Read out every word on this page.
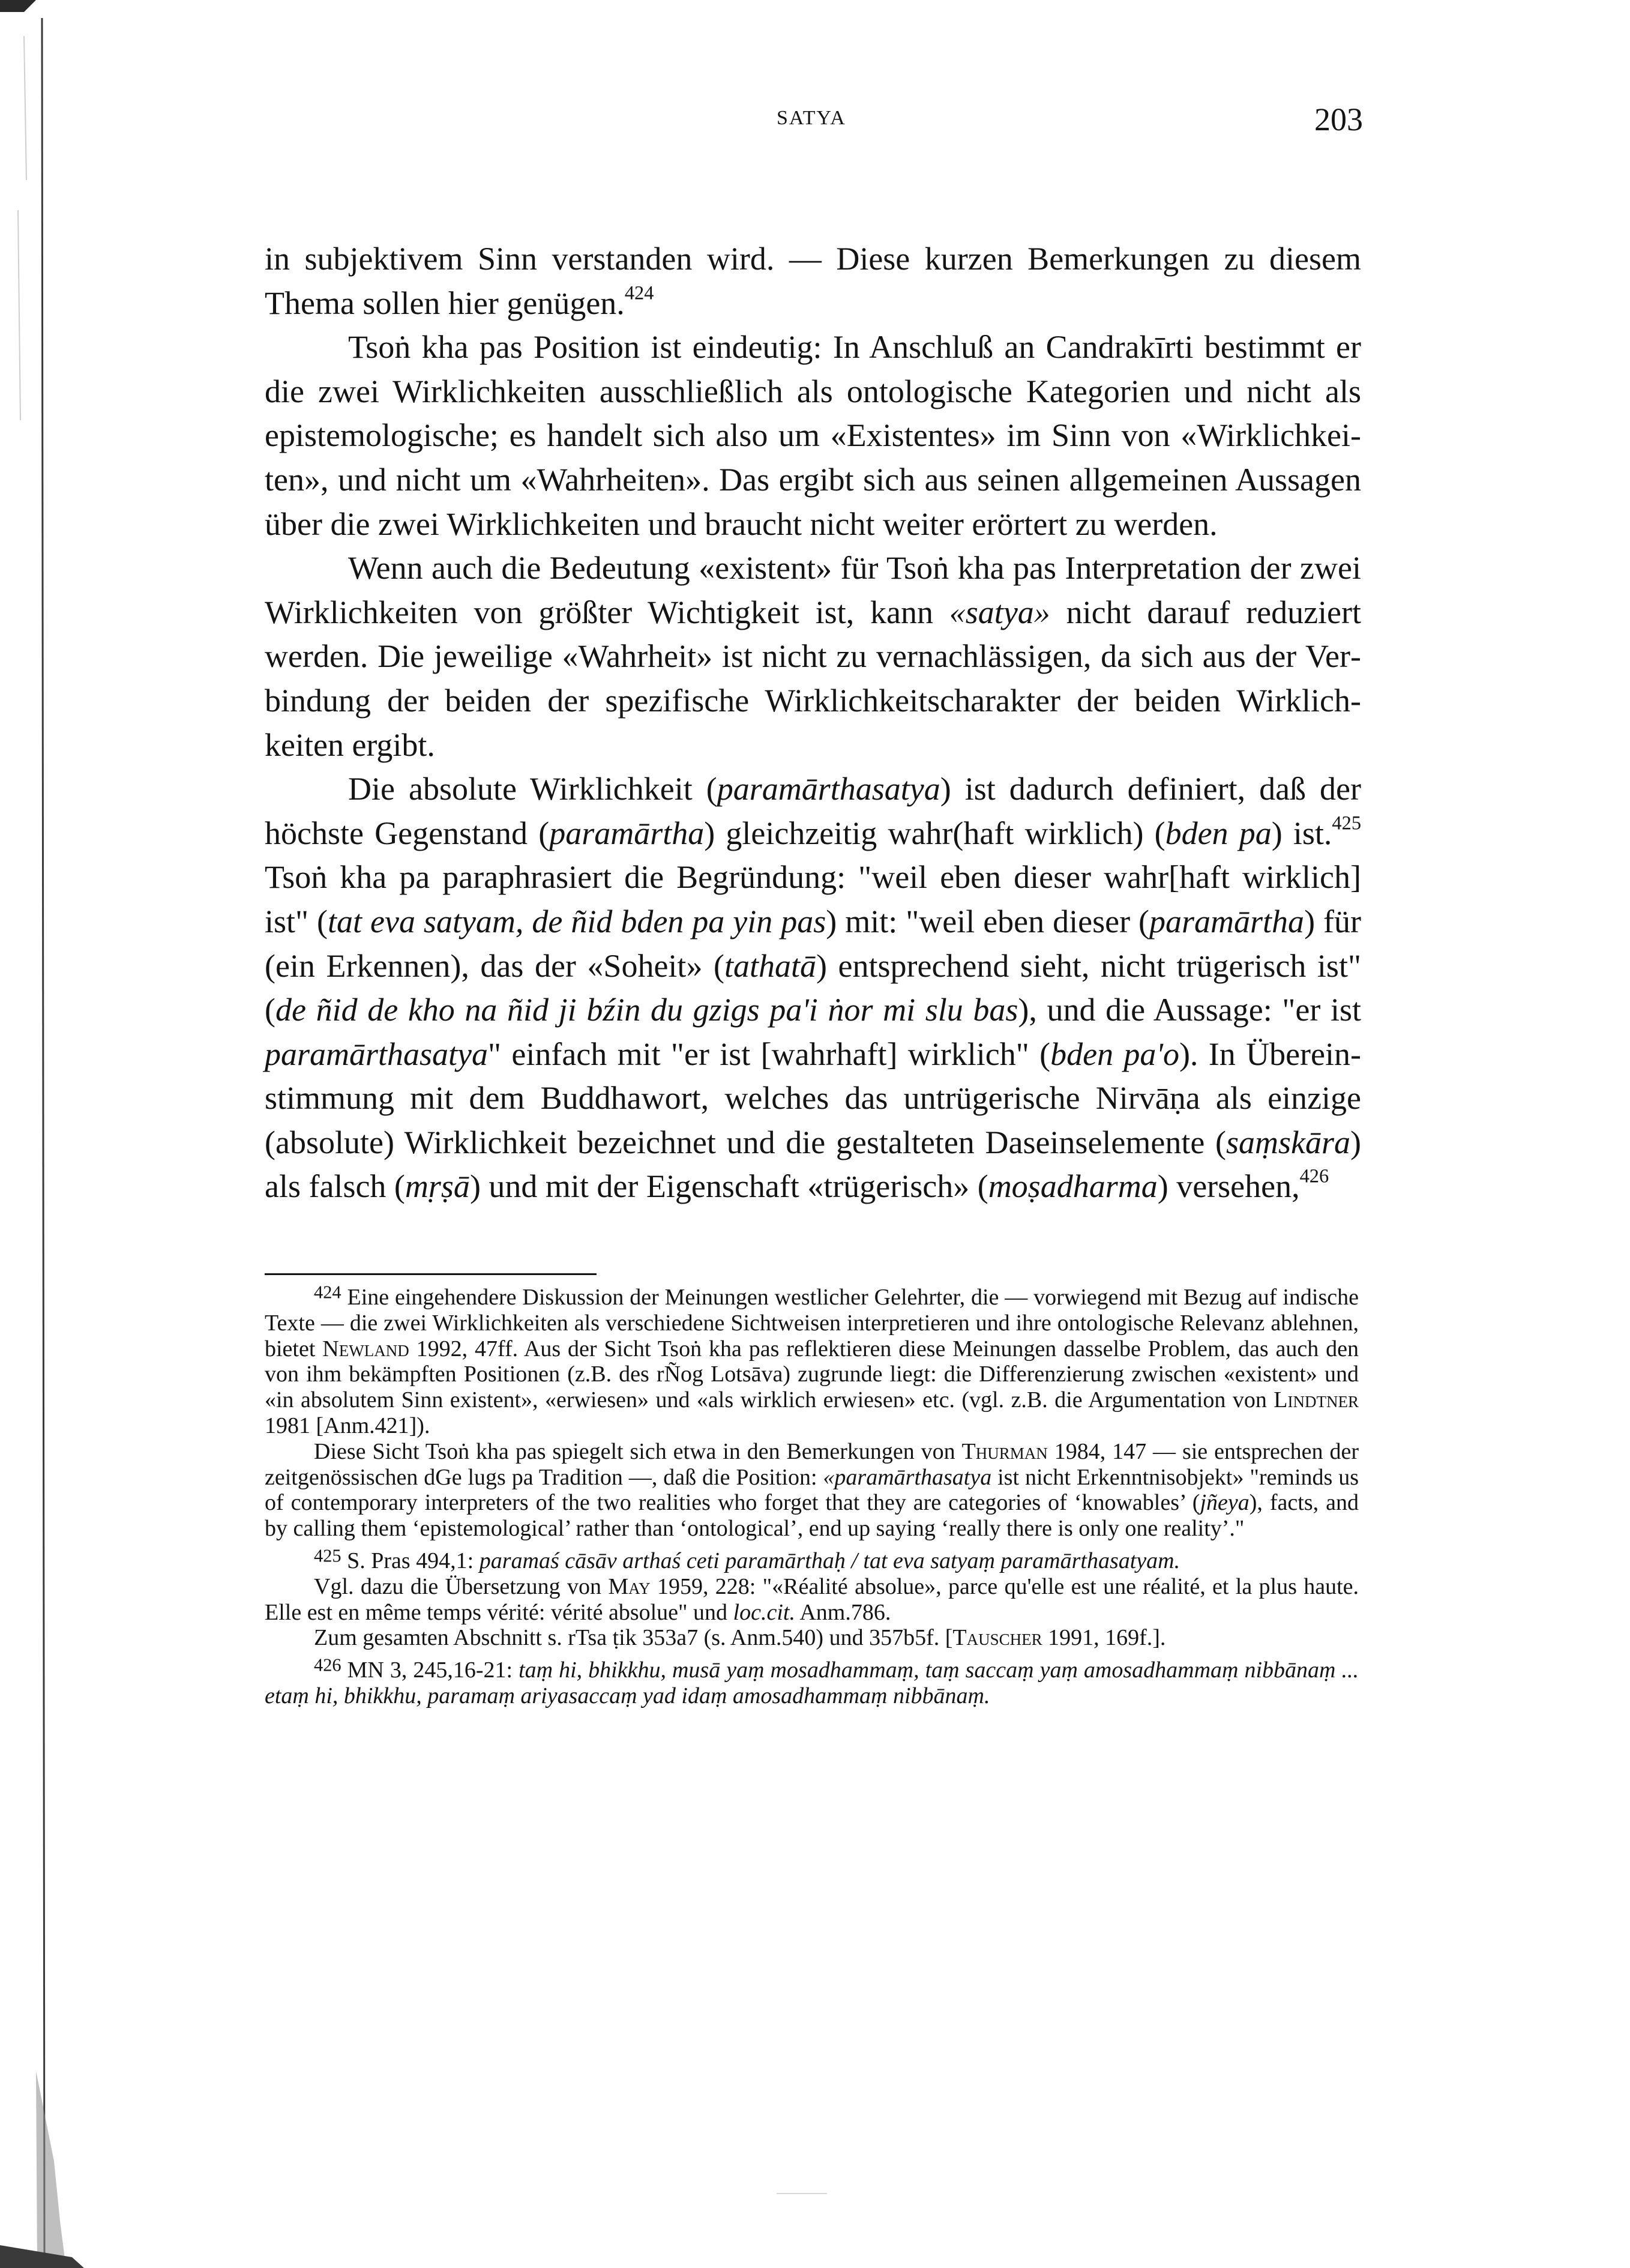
SATYA	203

in subjektivem Sinn verstanden wird. — Diese kurzen Bemerkungen zu diesem Thema sollen hier genügen.$^{424}$

Tsoṅ kha pas Position ist eindeutig: In Anschluß an Candrakīrti bestimmt er die zwei Wirklichkeiten ausschließlich als ontologische Kategorien und nicht als epistemologische; es handelt sich also um «Existentes» im Sinn von «Wirklichkeiten», und nicht um «Wahrheiten». Das ergibt sich aus seinen allgemeinen Aussagen über die zwei Wirklichkeiten und braucht nicht weiter erörtert zu werden.

Wenn auch die Bedeutung «existent» für Tsoṅ kha pas Interpretation der zwei Wirklichkeiten von größter Wichtigkeit ist, kann «satya» nicht darauf reduziert werden. Die jeweilige «Wahrheit» ist nicht zu vernachlässigen, da sich aus der Verbindung der beiden der spezifische Wirklichkeitscharakter der beiden Wirklichkeiten ergibt.

Die absolute Wirklichkeit (paramārthasatya) ist dadurch definiert, daß der höchste Gegenstand (paramārtha) gleichzeitig wahr(haft wirklich) (bden pa) ist.$^{425}$ Tsoṅ kha pa paraphrasiert die Begründung: "weil eben dieser wahr[haft wirklich] ist" (tat eva satyam, de ñid bden pa yin pas) mit: "weil eben dieser (paramārtha) für (ein Erkennen), das der «Soheit» (tathatā) entsprechend sieht, nicht trügerisch ist" (de ñid de kho na ñid ji bźin du gzigs pa'i ṅor mi slu bas), und die Aussage: "er ist paramārthasatya" einfach mit "er ist [wahrhaft] wirklich" (bden pa'o). In Übereinstimmung mit dem Buddhawort, welches das untrügerische Nirvāṇa als einzige (absolute) Wirklichkeit bezeichnet und die gestalteten Daseinselemente (saṃskāra) als falsch (mṛṣā) und mit der Eigenschaft «trügerisch» (moṣadharma) versehen,$^{426}$

$^{424}$ Eine eingehendere Diskussion der Meinungen westlicher Gelehrter, die — vorwiegend mit Bezug auf indische Texte — die zwei Wirklichkeiten als verschiedene Sichtweisen interpretieren und ihre ontologische Relevanz ablehnen, bietet Newland 1992, 47ff. Aus der Sicht Tsoṅ kha pas reflektieren diese Meinungen dasselbe Problem, das auch den von ihm bekämpften Positionen (z.B. des rÑog Lotsāva) zugrunde liegt: die Differenzierung zwischen «existent» und «in absolutem Sinn existent», «erwiesen» und «als wirklich erwiesen» etc. (vgl. z.B. die Argumentation von Lindtner 1981 [Anm.421]).

Diese Sicht Tsoṅ kha pas spiegelt sich etwa in den Bemerkungen von Thurman 1984, 147 — sie entsprechen der zeitgenössischen dGe lugs pa Tradition —, daß die Position: «paramārthasatya ist nicht Erkenntnisobjekt» "reminds us of contemporary interpreters of the two realities who forget that they are categories of ‘knowables’ (jñeya), facts, and by calling them ‘epistemological’ rather than ‘ontological’, end up saying ‘really there is only one reality’."

$^{425}$ S. Pras 494,1: paramaś cāsāv arthaś ceti paramārthaḥ / tat eva satyaṃ paramārthasatyam.

Vgl. dazu die Übersetzung von May 1959, 228: "«Réalité absolue», parce qu'elle est une réalité, et la plus haute. Elle est en même temps vérité: vérité absolue" und loc.cit. Anm.786.

Zum gesamten Abschnitt s. rTsa ṭik 353a7 (s. Anm.540) und 357b5f. [Tauscher 1991, 169f.].

$^{426}$ MN 3, 245,16-21: taṃ hi, bhikkhu, musā yaṃ mosadhammaṃ, taṃ saccaṃ yaṃ amosadhammaṃ nibbānaṃ ... etaṃ hi, bhikkhu, paramaṃ ariyasaccaṃ yad idaṃ amosadhammaṃ nibbānaṃ.
